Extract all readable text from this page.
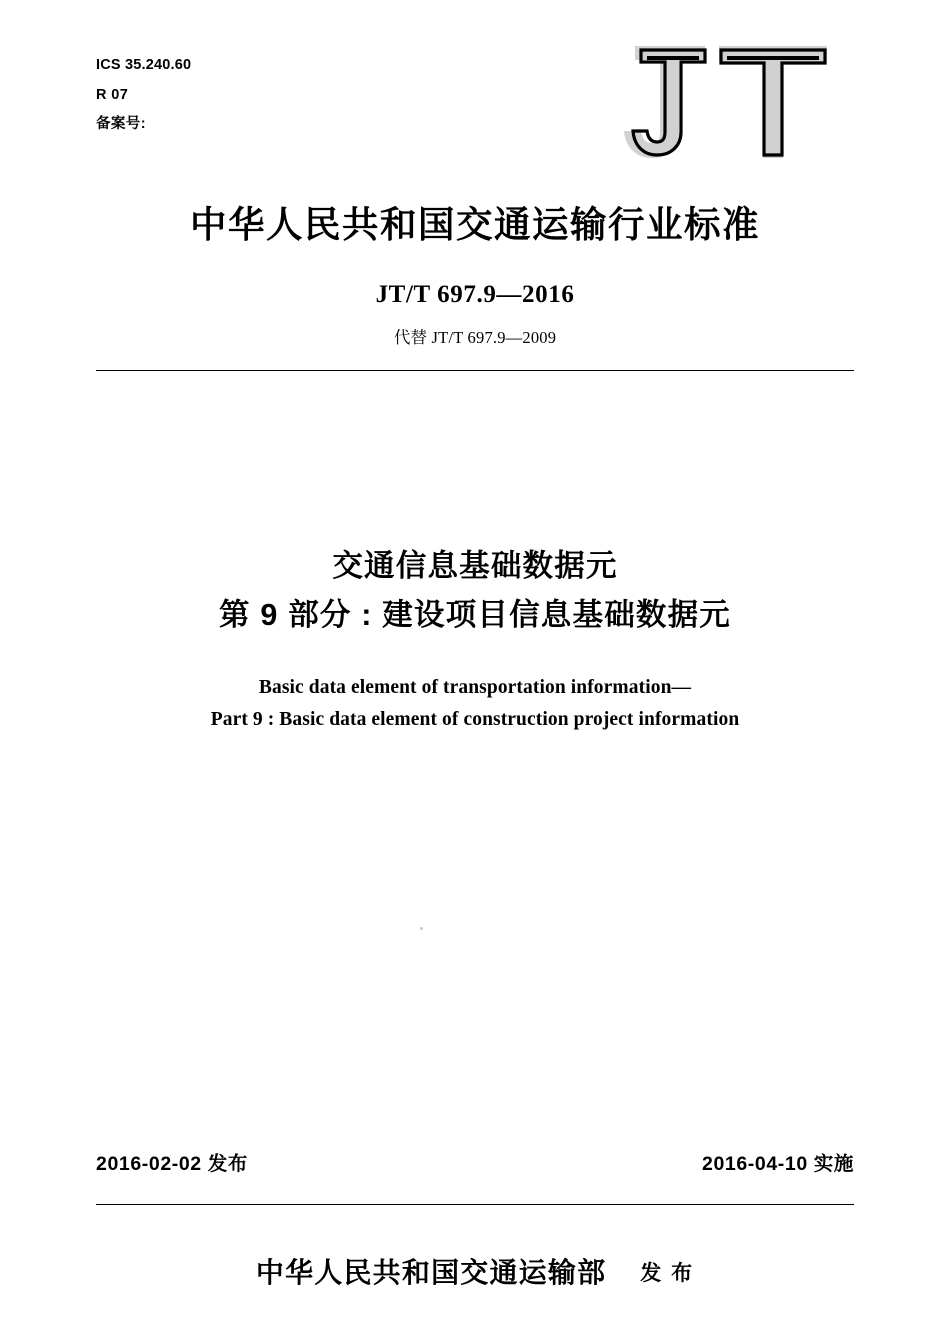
ICS 35.240.60
R 07
备案号:
中华人民共和国交通运输行业标准
JT/T 697.9—2016
代替 JT/T 697.9—2009
交通信息基础数据元
第 9 部分 : 建设项目信息基础数据元
Basic data element of transportation information—
Part 9 : Basic data element of construction project information
2016-02-02 发布	2016-04-10 实施
中华人民共和国交通运输部 发 布
